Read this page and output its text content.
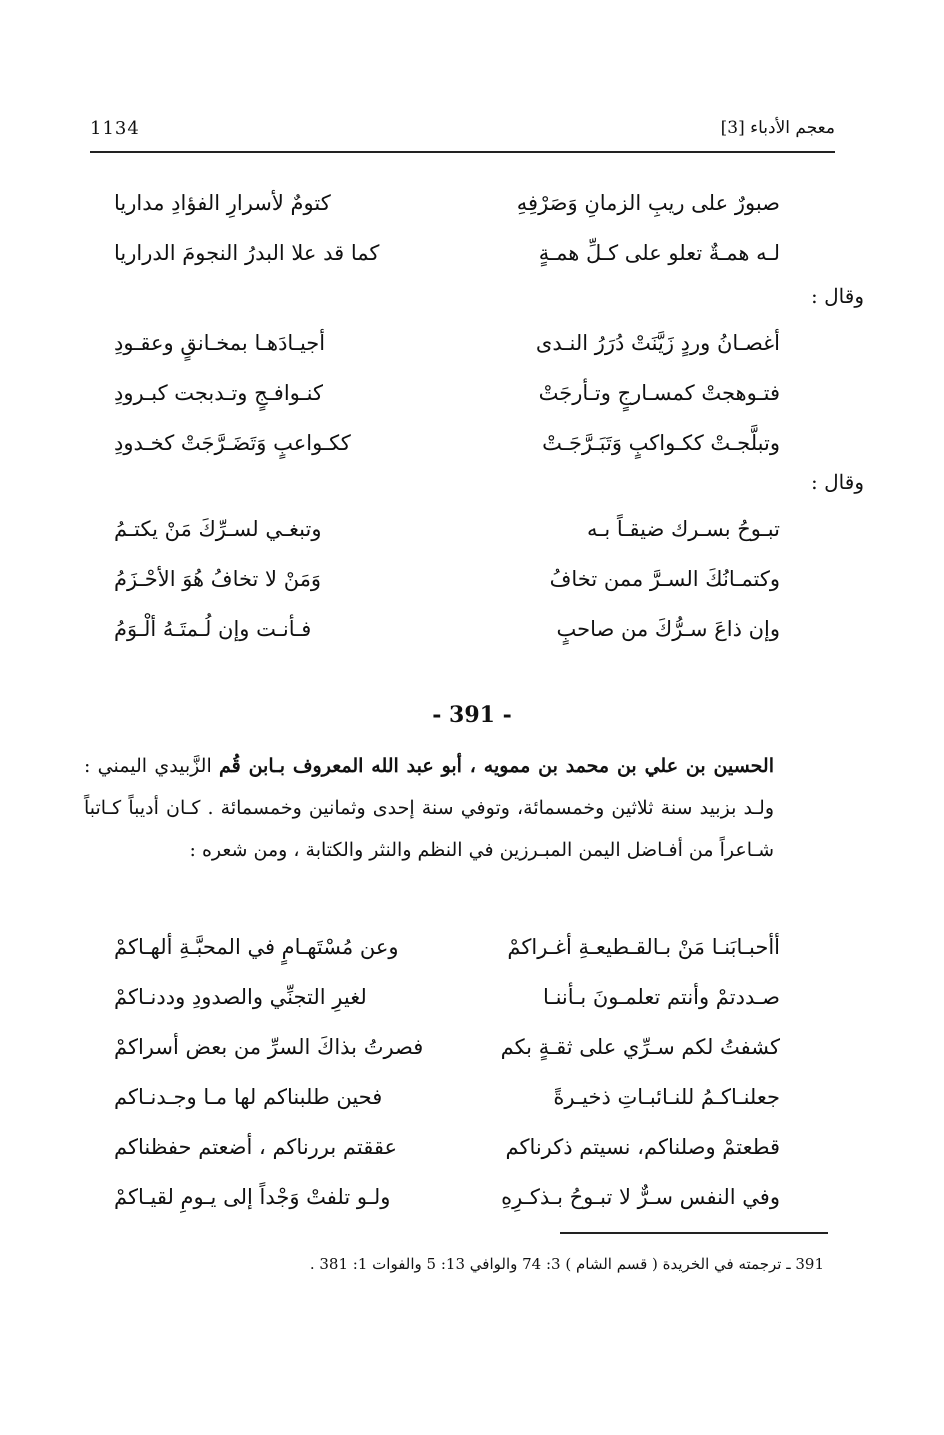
معجم الأدباء [3]
1134
صبورٌ على ريبِ الزمانِ وَصَرْفِهِ
كتومٌ لأسرارِ الفؤادِ مداريا
لـه همـةٌ تعلو على كـلِّ همـةٍ
كما قد علا البدرُ النجومَ الدراريا
وقال :
أغصـانُ وردٍ زَيَّنَتْ دُرَرُ النـدى
أجيـادَهـا بمخـانقٍ وعقـودِ
فتـوهجتْ كمسـارجٍ وتـأرجَتْ
كنـوافـجٍ وتـدبجت كبـرودِ
وتبلَّجـتْ ككـواكبٍ وَتَبَـرَّجَـتْ
ككـواعبٍ وَتَضَـرَّجَتْ كخـدودِ
وقال :
تبـوحُ بسـرك ضيقـاً بـه
وتبغـي لسـرِّكَ مَنْ يكتـمُ
وكتمـانُكَ السـرَّ ممن تخافُ
وَمَنْ لا تخافُ هُوَ الأحْـزَمُ
وإن ذاعَ سـرُّكَ من صاحبٍ
فـأنـت وإن لُـمتَـهُ ألْـوَمُ
- 391 -
الحسين بن علي بن محمد بن ممويه ، أبو عبد الله المعروف بـابن قُم الزَّبيدي اليمني : ولـد بزبيد سنة ثلاثين وخمسمائة، وتوفي سنة إحدى وثمانين وخمسمائة . كـان أديباً كـاتباً شـاعراً من أفـاضل اليمن المبـرزين في النظم والنثر والكتابة ، ومن شعره :
أأحبـابَنـا مَنْ بـالقـطيعـةِ أغـراكمْ
وعن مُسْتَهـامٍ في المحبَّـةِ ألهـاكمْ
صـددتمْ وأنتم تعلمـونَ بـأننـا
لغيرِ التجنِّي والصدودِ وددنـاكمْ
كشفتُ لكم سـرِّي على ثقـةٍ بكم
فصرتُ بذاكَ السرِّ من بعض أسراكمْ
جعلنـاكـمُ للنـائبـاتِ ذخيـرةً
فحين طلبناكم لها مـا وجـدنـاكم
قطعتمْ وصلناكم، نسيتم ذكرناكم
عققتم بررناكم ، أضعتم حفظناكم
وفي النفس سـرٌّ لا تبـوحُ بـذكـرِهِ
ولـو تلفتْ وَجْداً إلى يـومِ لقيـاكمْ
391 ـ ترجمته في الخريدة ( قسم الشام ) 3: 74 والوافي 13: 5 والفوات 1: 381 .
